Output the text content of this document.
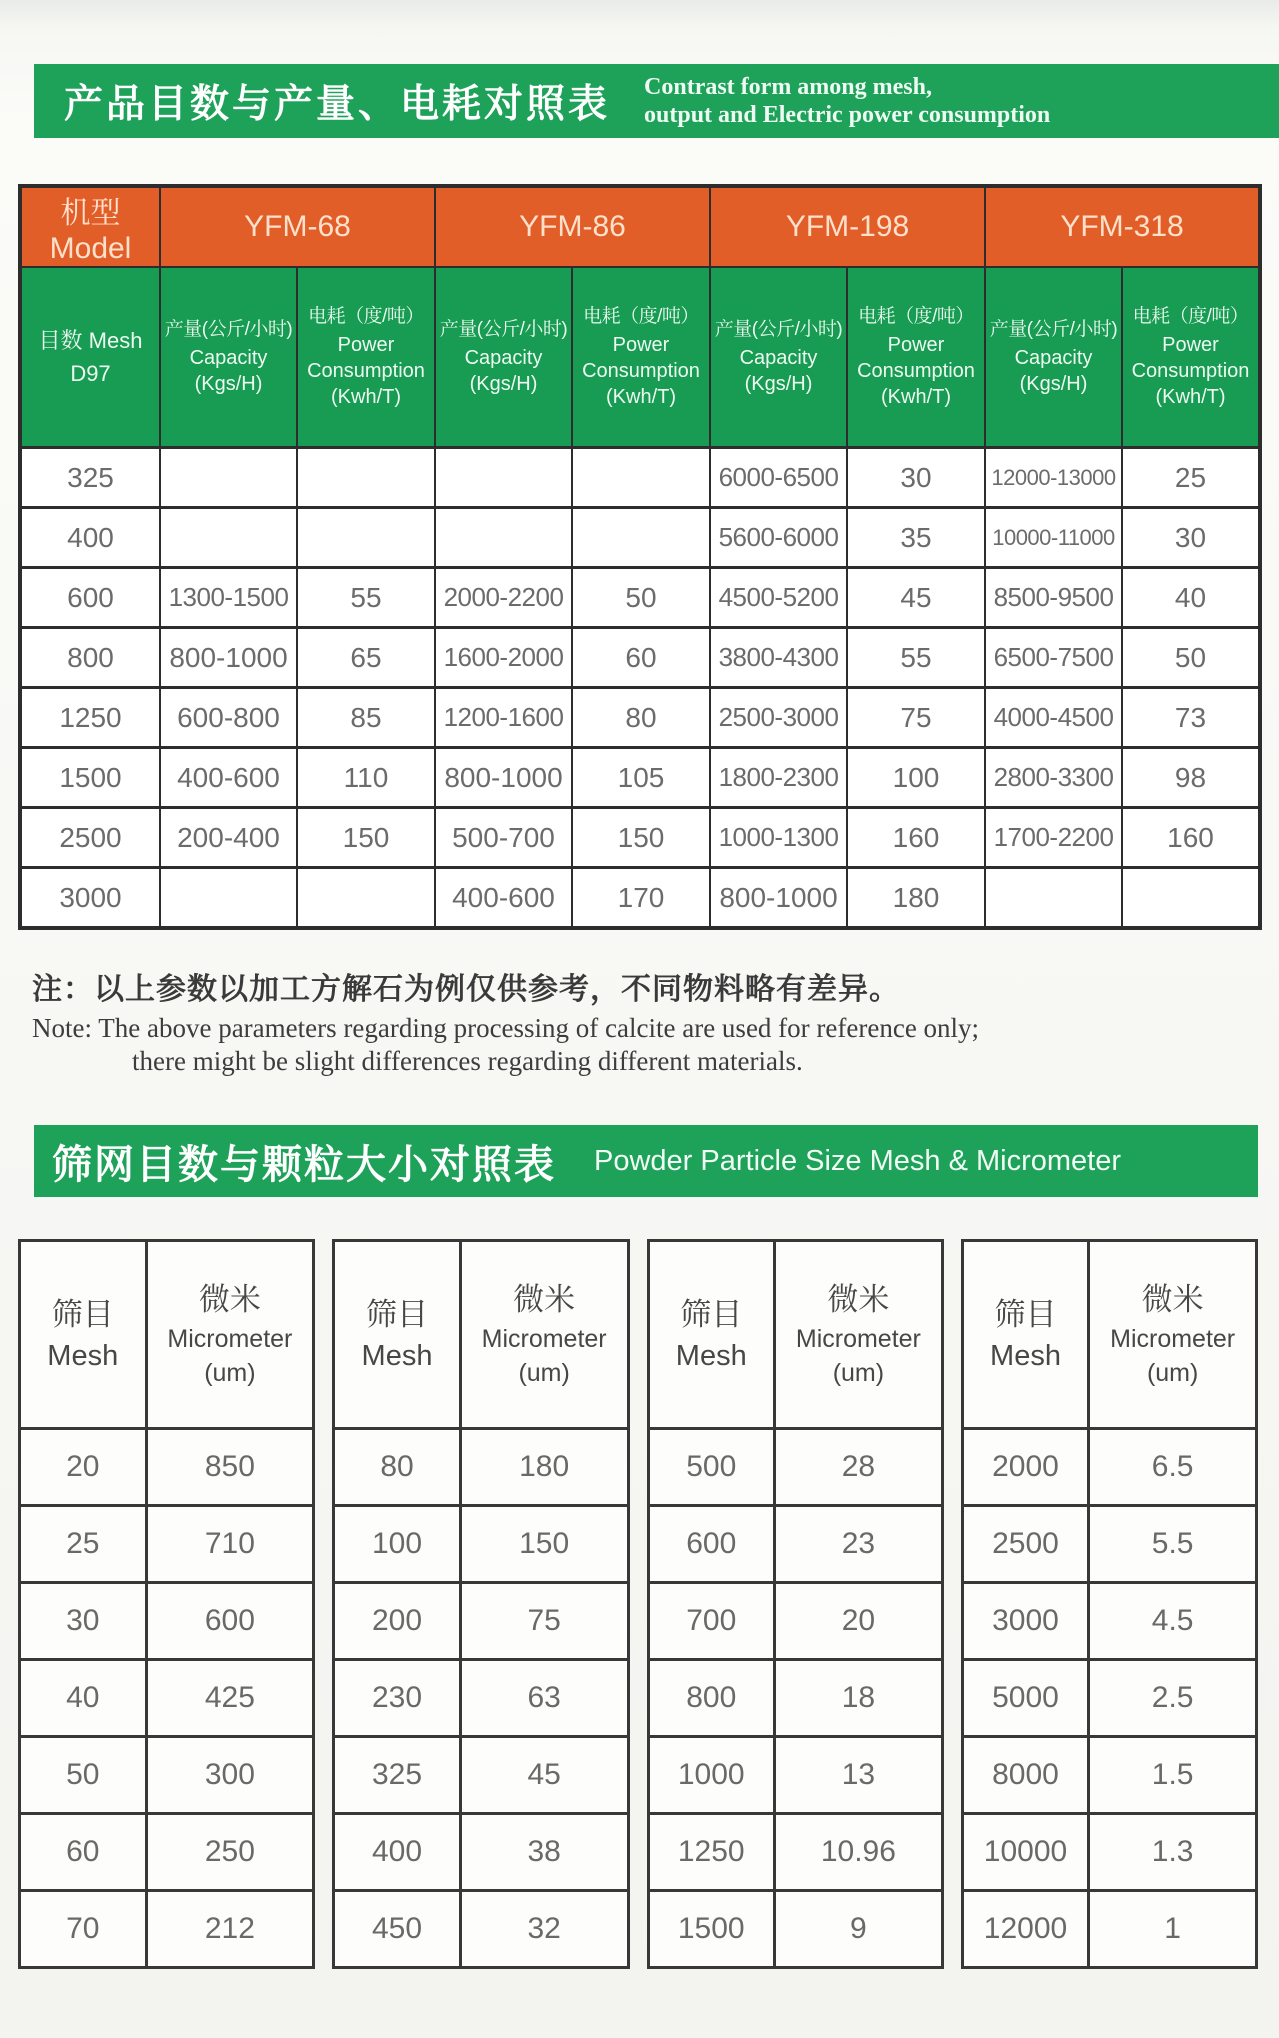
产品目数与产量、电耗对照表 Contrast form among mesh,
output and Electric power consumption
机型 Model	YFM-68		YFM-86		YFM-198		YFM-318	

目数 Mesh
D97

产量(公斤/小时)
Capacity
(Kgs/H)

电耗（度/吨）
Power
Consumption
(Kwh/T)

产量(公斤/小时)
Capacity
(Kgs/H)

电耗（度/吨）
Power
Consumption
(Kwh/T)

产量(公斤/小时)
Capacity
(Kgs/H)

电耗（度/吨）
Power
Consumption
(Kwh/T)

产量(公斤/小时)
Capacity
(Kgs/H)

电耗（度/吨）
Power
Consumption
(Kwh/T)

325					6000-6500	30	12000-13000	25
400					5600-6000	35	10000-11000	30
600	1300-1500	55	2000-2200	50	4500-5200	45	8500-9500	40
800	800-1000	65	1600-2000	60	3800-4300	55	6500-7500	50
1250	600-800	85	1200-1600	80	2500-3000	75	4000-4500	73
1500	400-600	110	800-1000	105	1800-2300	100	2800-3300	98
2500	200-400	150	500-700	150	1000-1300	160	1700-2200	160
3000			400-600	170	800-1000	180		
注：以上参数以加工方解石为例仅供参考，不同物料略有差异。
Note: The above parameters regarding processing of calcite are used for reference only;
there might be slight differences regarding different materials.
筛网目数与颗粒大小对照表 Powder Particle Size Mesh & Micrometer
筛目
Mesh

微米
Micrometer
(um)

20	850
25	710
30	600
40	425
50	300
60	250
70	212
筛目
Mesh

微米
Micrometer
(um)

80	180
100	150
200	75
230	63
325	45
400	38
450	32
筛目
Mesh

微米
Micrometer
(um)

500	28
600	23
700	20
800	18
1000	13
1250	10.96
1500	9
筛目
Mesh

微米
Micrometer
(um)

2000	6.5
2500	5.5
3000	4.5
5000	2.5
8000	1.5
10000	1.3
12000	1
